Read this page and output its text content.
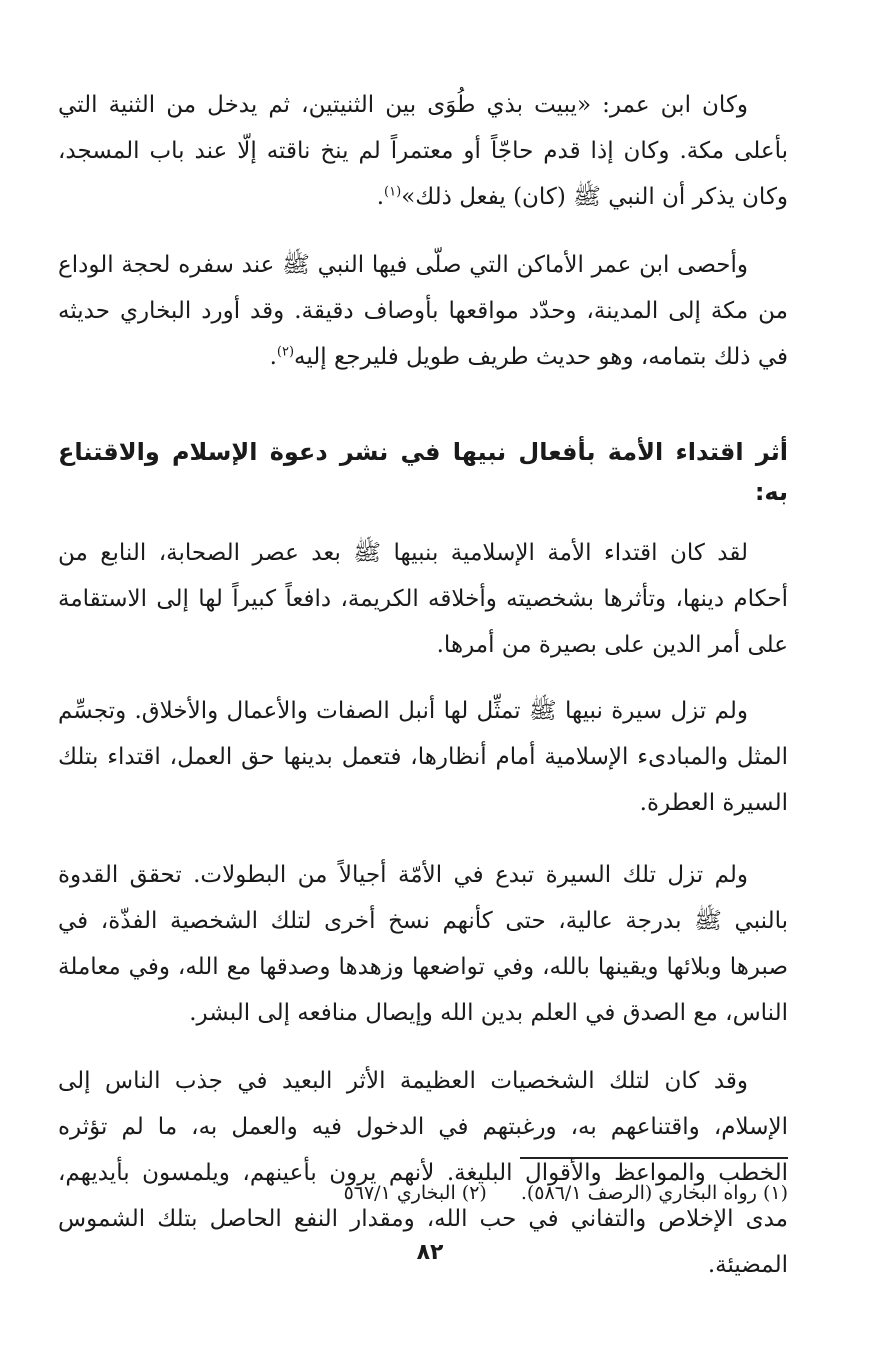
وكان ابن عمر: «يبيت بذي طُوَى بين الثنيتين، ثم يدخل من الثنية التي بأعلى مكة. وكان إذا قدم حاجّاً أو معتمراً لم ينخ ناقته إلّا عند باب المسجد، وكان يذكر أن النبي ﷺ (كان) يفعل ذلك»$^{(١)}$.

وأحصى ابن عمر الأماكن التي صلّى فيها النبي ﷺ عند سفره لحجة الوداع من مكة إلى المدينة، وحدّد مواقعها بأوصاف دقيقة. وقد أورد البخاري حديثه في ذلك بتمامه، وهو حديث طريف طويل فليرجع إليه$^{(٢)}$.

أثر اقتداء الأمة بأفعال نبيها في نشر دعوة الإسلام والاقتناع به:

لقد كان اقتداء الأمة الإسلامية بنبيها ﷺ بعد عصر الصحابة، النابع من أحكام دينها، وتأثرها بشخصيته وأخلاقه الكريمة، دافعاً كبيراً لها إلى الاستقامة على أمر الدين على بصيرة من أمرها.

ولم تزل سيرة نبيها ﷺ تمثِّل لها أنبل الصفات والأعمال والأخلاق. وتجسِّم المثل والمبادىء الإسلامية أمام أنظارها، فتعمل بدينها حق العمل، اقتداء بتلك السيرة العطرة.

ولم تزل تلك السيرة تبدع في الأمّة أجيالاً من البطولات. تحقق القدوة بالنبي ﷺ بدرجة عالية، حتى كأنهم نسخ أخرى لتلك الشخصية الفذّة، في صبرها وبلائها ويقينها بالله، وفي تواضعها وزهدها وصدقها مع الله، وفي معاملة الناس، مع الصدق في العلم بدين الله وإيصال منافعه إلى البشر.

وقد كان لتلك الشخصيات العظيمة الأثر البعيد في جذب الناس إلى الإسلام، واقتناعهم به، ورغبتهم في الدخول فيه والعمل به، ما لم تؤثره الخطب والمواعظ والأقوال البليغة. لأنهم يرون بأعينهم، ويلمسون بأيديهم، مدى الإخلاص والتفاني في حب الله، ومقدار النفع الحاصل بتلك الشموس المضيئة.

(١) رواه البخاري (الرصف ٥٨٦/١).(٢) البخاري ٥٦٧/١
٨٢
